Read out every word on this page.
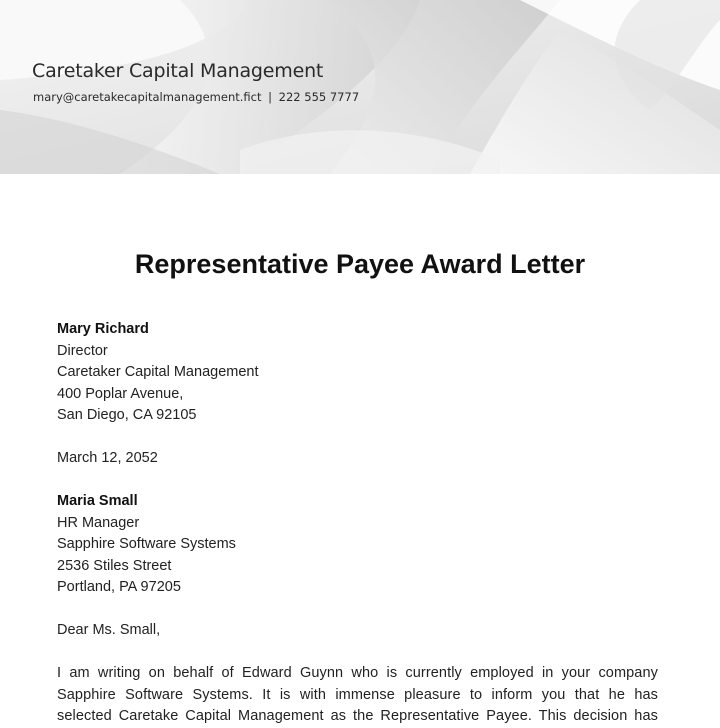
Caretaker Capital Management
mary@caretakecapitalmanagement.fict | 222 555 7777
Representative Payee Award Letter
Mary Richard
Director
Caretaker Capital Management
400 Poplar Avenue,
San Diego, CA 92105
March 12, 2052
Maria Small
HR Manager
Sapphire Software Systems
2536 Stiles Street
Portland, PA 97205
Dear Ms. Small,
I am writing on behalf of Edward Guynn who is currently employed in your company
Sapphire Software Systems. It is with immense pleasure to inform you that he has
selected Caretake Capital Management as the Representative Payee. This decision has
